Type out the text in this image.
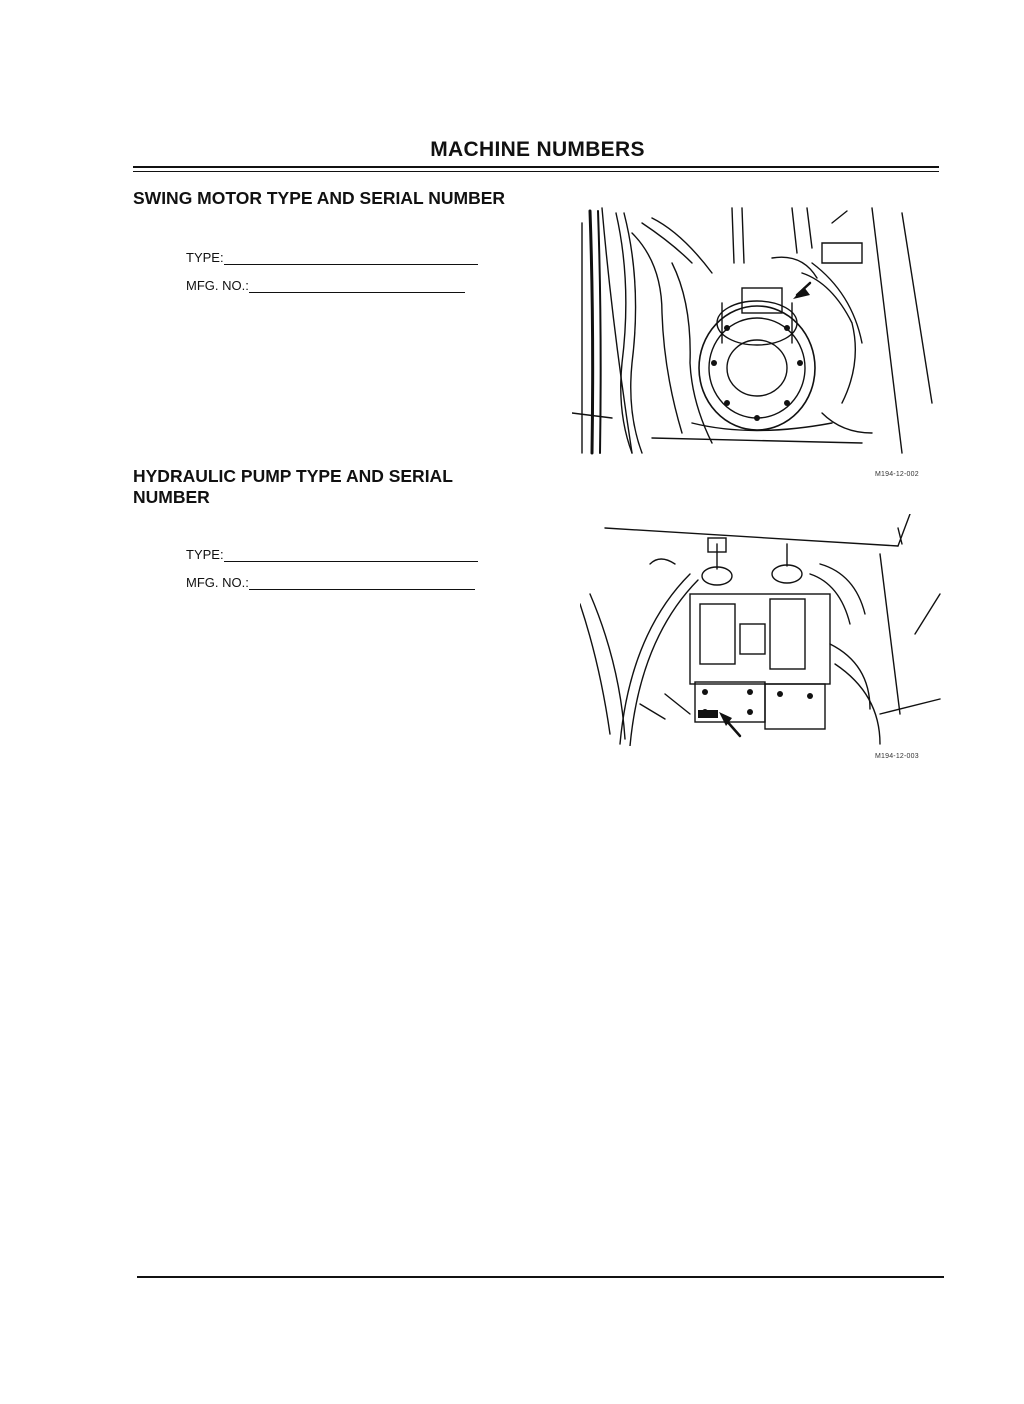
MACHINE NUMBERS
SWING MOTOR TYPE AND SERIAL NUMBER
TYPE:
MFG. NO.:
M194-12-002
HYDRAULIC PUMP TYPE AND SERIAL
NUMBER
TYPE:
MFG. NO.:
M194-12-003
